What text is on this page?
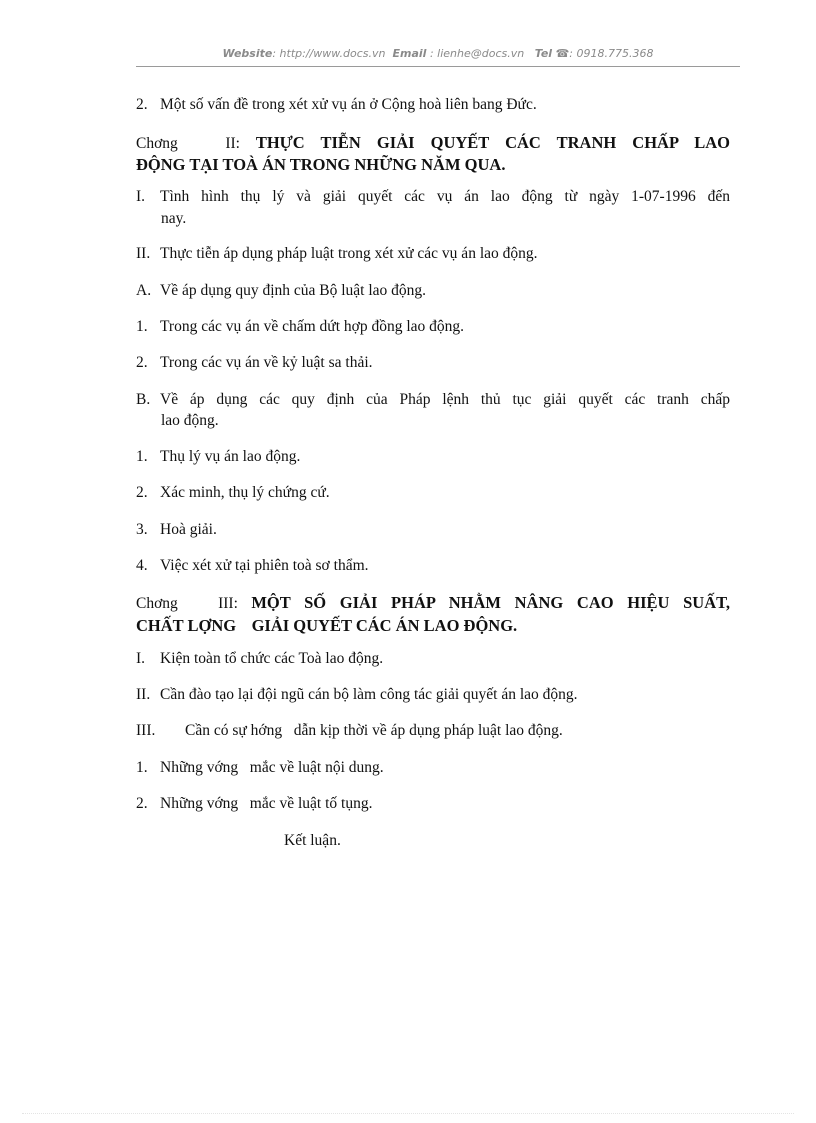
Website: http://www.docs.vn Email : lienhe@docs.vn Tel ☎: 0918.775.368
2. Một số vấn đề trong xét xử vụ án ở Cộng hoà liên bang Đức.
Chơng	II: THỰC TIỄN GIẢI QUYẾT CÁC TRANH CHẤP LAO
ĐỘNG TẠI TOÀ ÁN TRONG NHỮNG NĂM QUA.
I. Tình hình thụ lý và giải quyết các vụ án lao động từ ngày 1-07-1996 đến
nay.
II. Thực tiễn áp dụng pháp luật trong xét xử các vụ án lao động.
A. Về áp dụng quy định của Bộ luật lao động.
1. Trong các vụ án về chấm dứt hợp đồng lao động.
2. Trong các vụ án về kỷ luật sa thải.
B. Về áp dụng các quy định của Pháp lệnh thủ tục giải quyết các tranh chấp
lao động.
1. Thụ lý vụ án lao động.
2. Xác minh, thụ lý chứng cứ.
3. Hoà giải.
4. Việc xét xử tại phiên toà sơ thẩm.
Chơng	III: MỘT SỐ GIẢI PHÁP NHẰM NÂNG CAO HIỆU SUẤT,
CHẤT LỢNG GIẢI QUYẾT CÁC ÁN LAO ĐỘNG.
I. Kiện toàn tổ chức các Toà lao động.
II. Cần đào tạo lại đội ngũ cán bộ làm công tác giải quyết án lao động.
III. Cần có sự hớng dẫn kịp thời về áp dụng pháp luật lao động.
1. Những vớng mắc về luật nội dung.
2. Những vớng mắc về luật tố tụng.
Kết luận.
